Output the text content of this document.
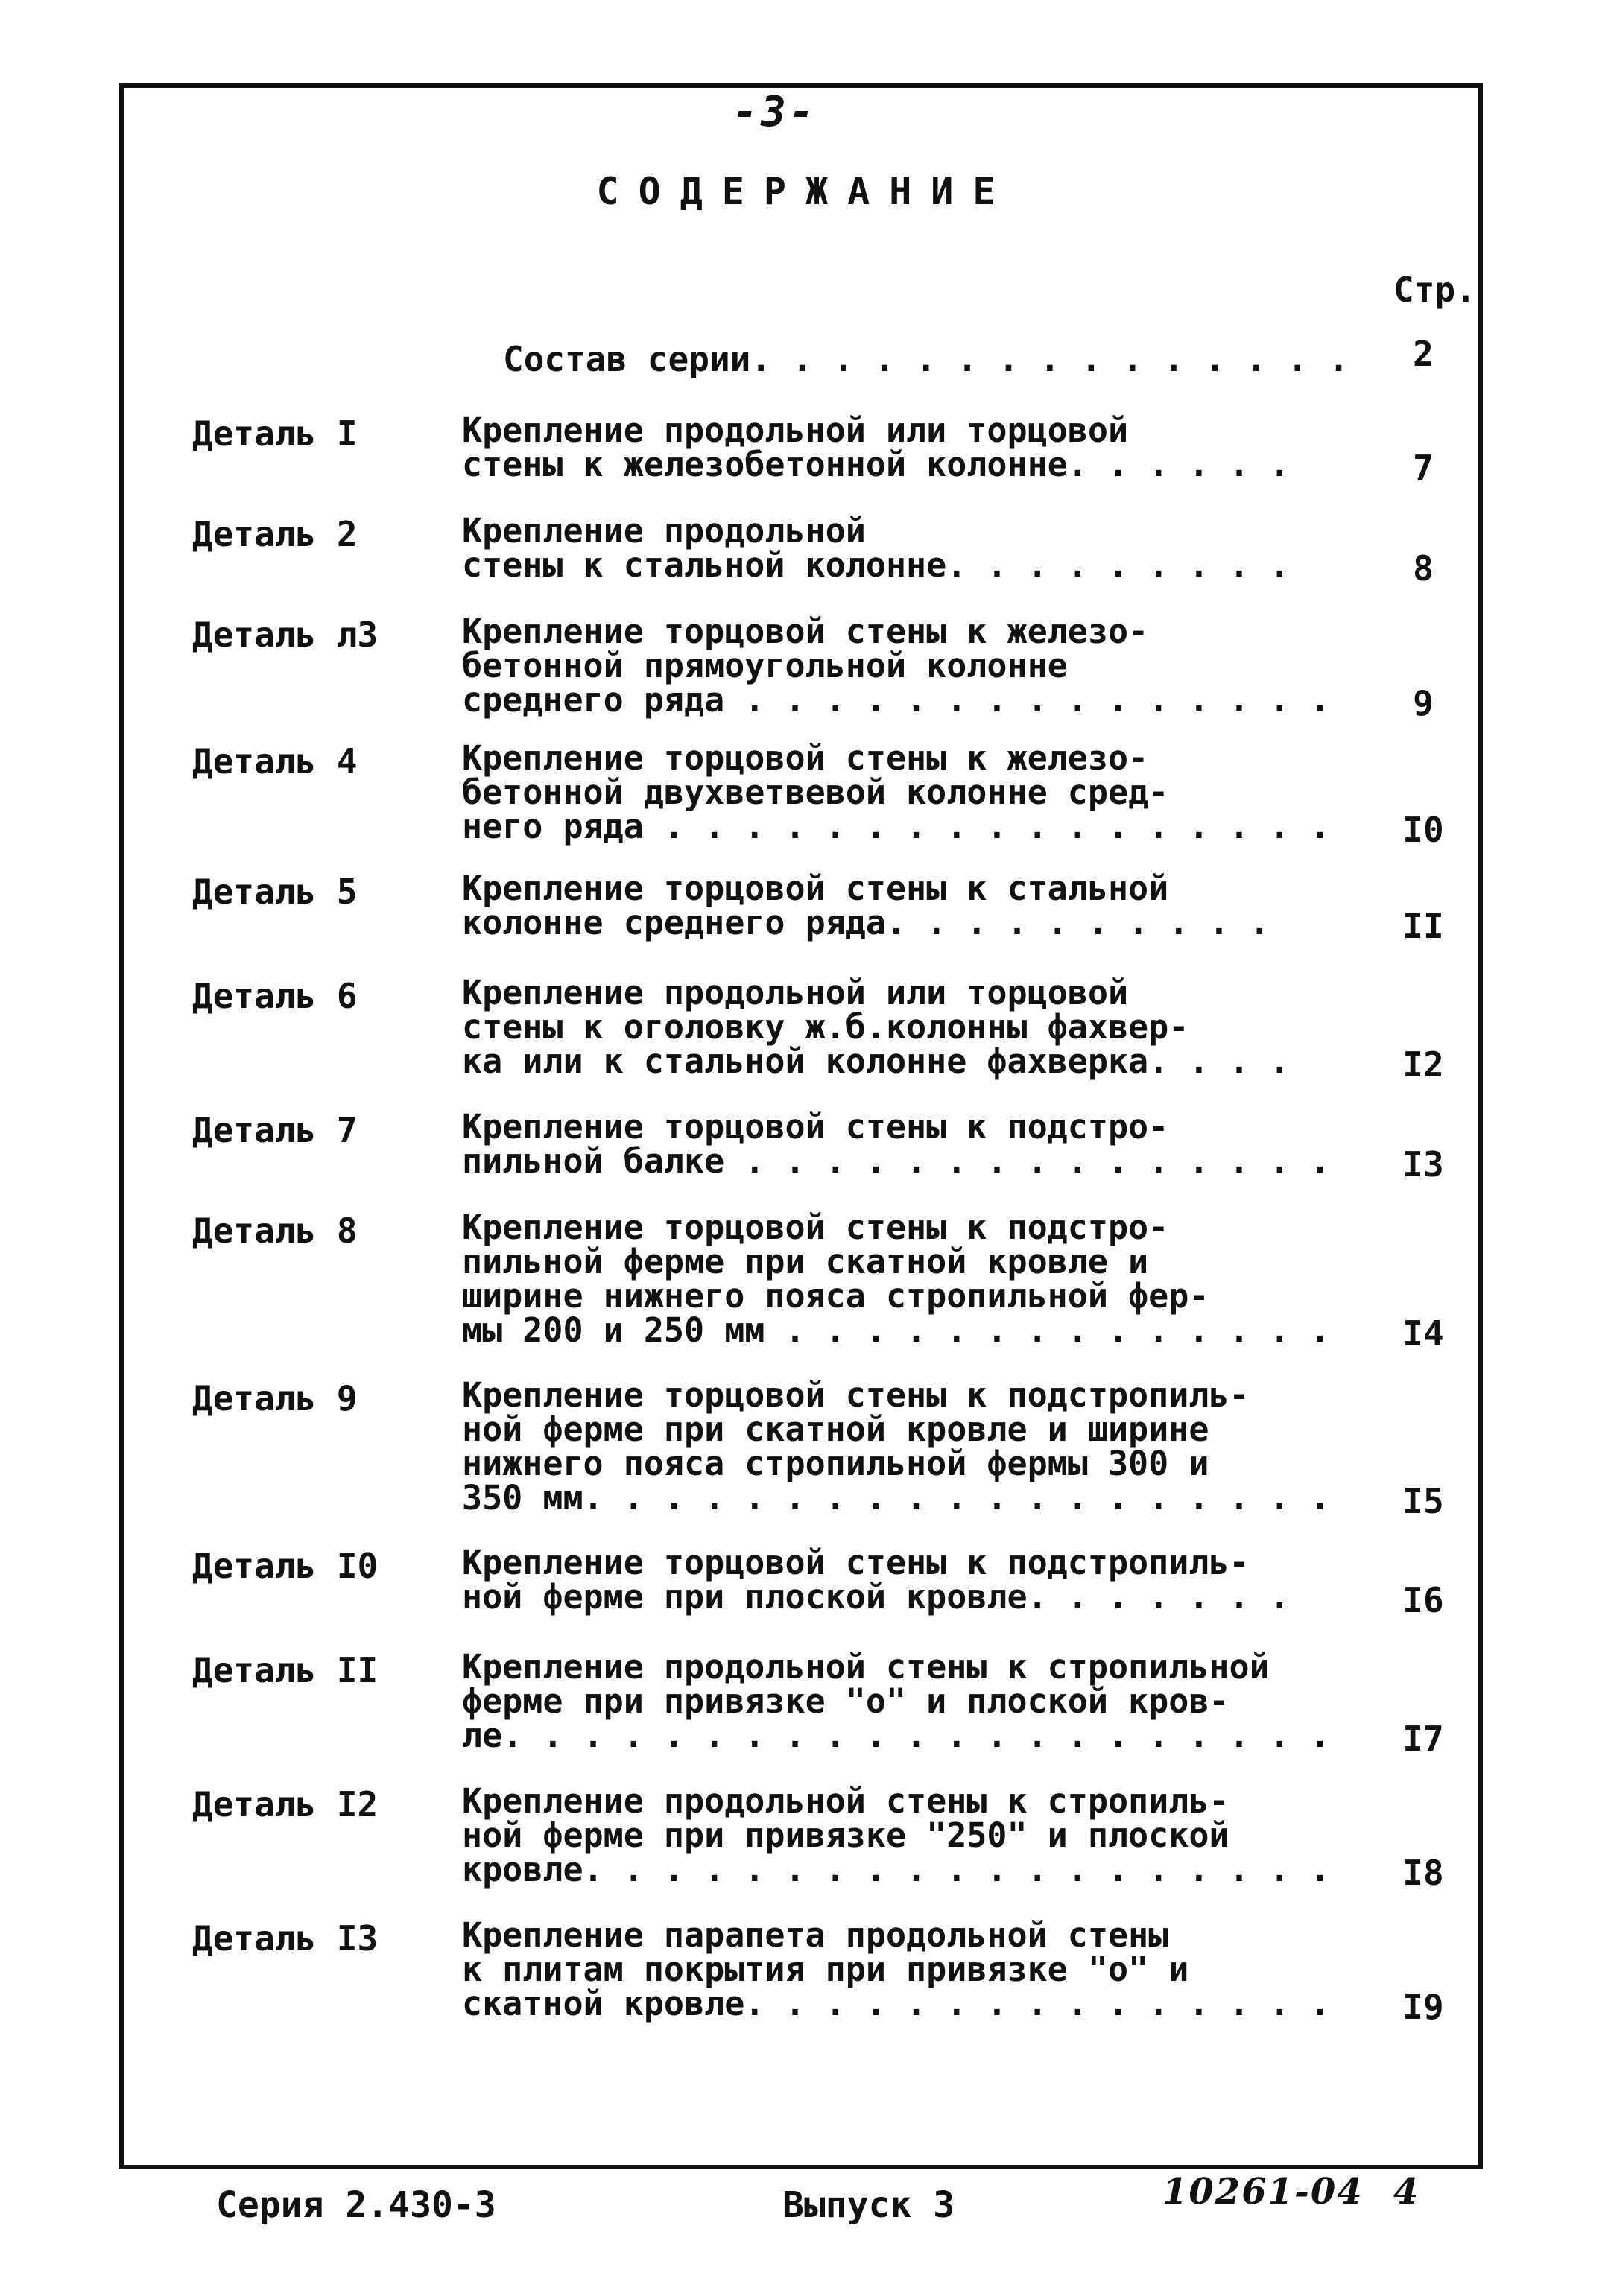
-3-
СОДЕРЖАНИЕ
Стр.
Состав серии. . . . . . . . . . . . . . .	2
Деталь I	Крепление продольной или торцовой
стены к железобетонной колонне. . . . . .	7
Деталь 2	Крепление продольной
стены к стальной колонне. . . . . . . . .	8
Деталь л3	Крепление торцовой стены к железо-
бетонной прямоугольной колонне
среднего ряда . . . . . . . . . . . . . . .	9
Деталь 4	Крепление торцовой стены к железо-
бетонной двухветвевой колонне сред-
него ряда . . . . . . . . . . . . . . . . .	I0
Деталь 5	Крепление торцовой стены к стальной
колонне среднего ряда. . . . . . . . . .	II
Деталь 6	Крепление продольной или торцовой
стены к оголовку ж.б.колонны фахвер-
ка или к стальной колонне фахверка. . . .	I2
Деталь 7	Крепление торцовой стены к подстро-
пильной балке . . . . . . . . . . . . . . .	I3
Деталь 8	Крепление торцовой стены к подстро-
пильной ферме при скатной кровле и
ширине нижнего пояса стропильной фер-
мы 200 и 250 мм . . . . . . . . . . . . . .	I4
Деталь 9	Крепление торцовой стены к подстропиль-
ной ферме при скатной кровле и ширине
нижнего пояса стропильной фермы 300 и
350 мм. . . . . . . . . . . . . . . . . . .	I5
Деталь I0	Крепление торцовой стены к подстропиль-
ной ферме при плоской кровле. . . . . . .	I6
Деталь II	Крепление продольной стены к стропильной
ферме при привязке "о" и плоской кров-
ле. . . . . . . . . . . . . . . . . . . . .	I7
Деталь I2	Крепление продольной стены к стропиль-
ной ферме при привязке "250" и плоской
кровле. . . . . . . . . . . . . . . . . . .	I8
Деталь I3	Крепление парапета продольной стены
к плитам покрытия при привязке "о" и
скатной кровле. . . . . . . . . . . . . . .	I9
Серия 2.430-3	Выпуск 3	10261-04 4
